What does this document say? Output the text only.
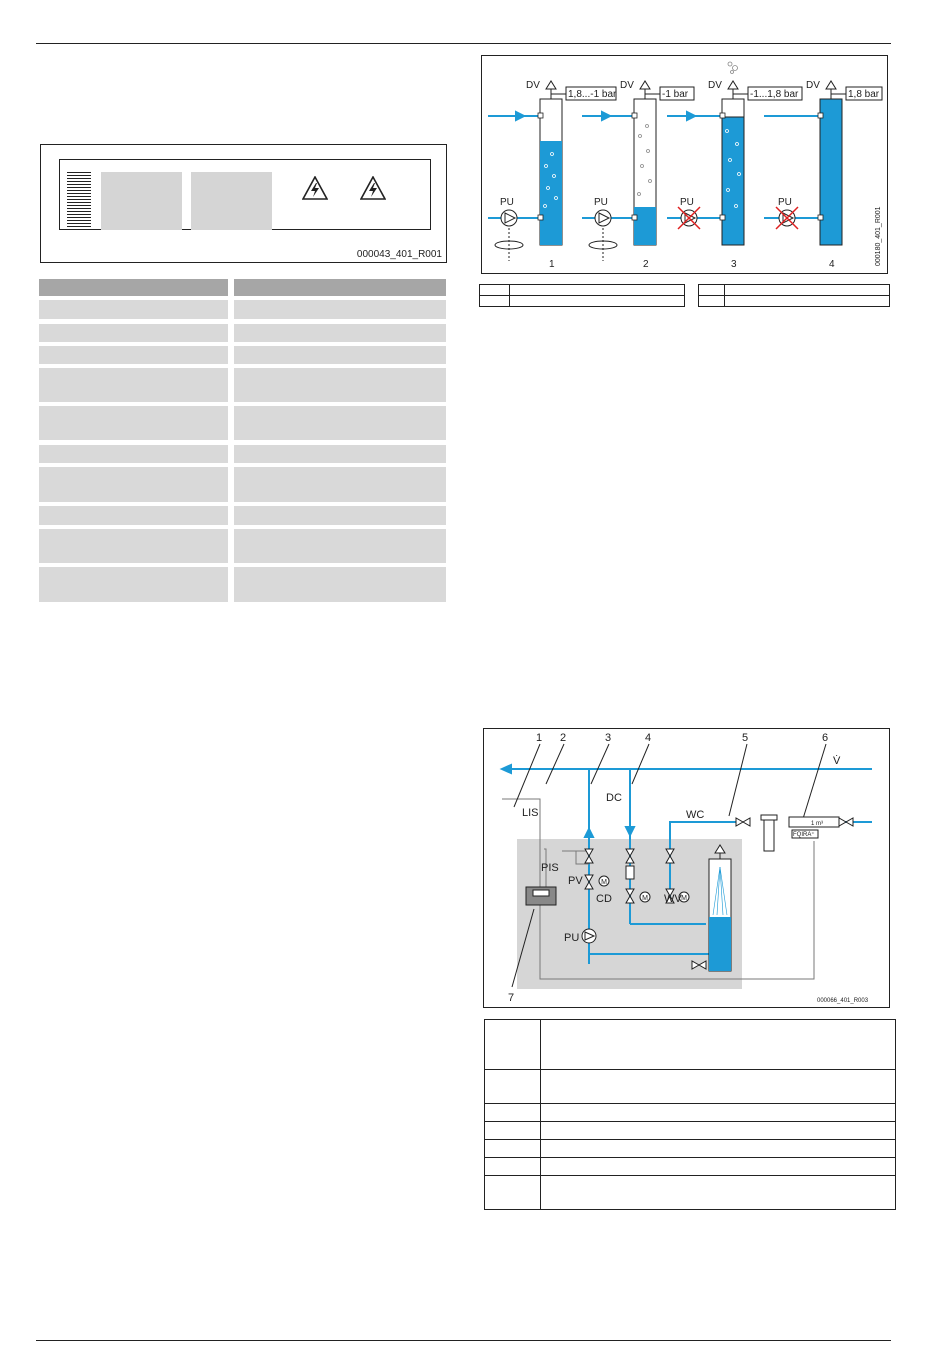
000043_401_R001
DV	DV	DV	DV
PU	PU	PU	PU
1,8...-1 bar	-1 bar	-1...1,8 bar	1,8 bar
1	2	3	4	000180_401_R001

M
M	M
1 2	3	4	5	6
7
LIS
PIS
PV
CD	WV
PU
DC
WC
V̇
1 m³
FQIRA⁺
000066_401_R003
